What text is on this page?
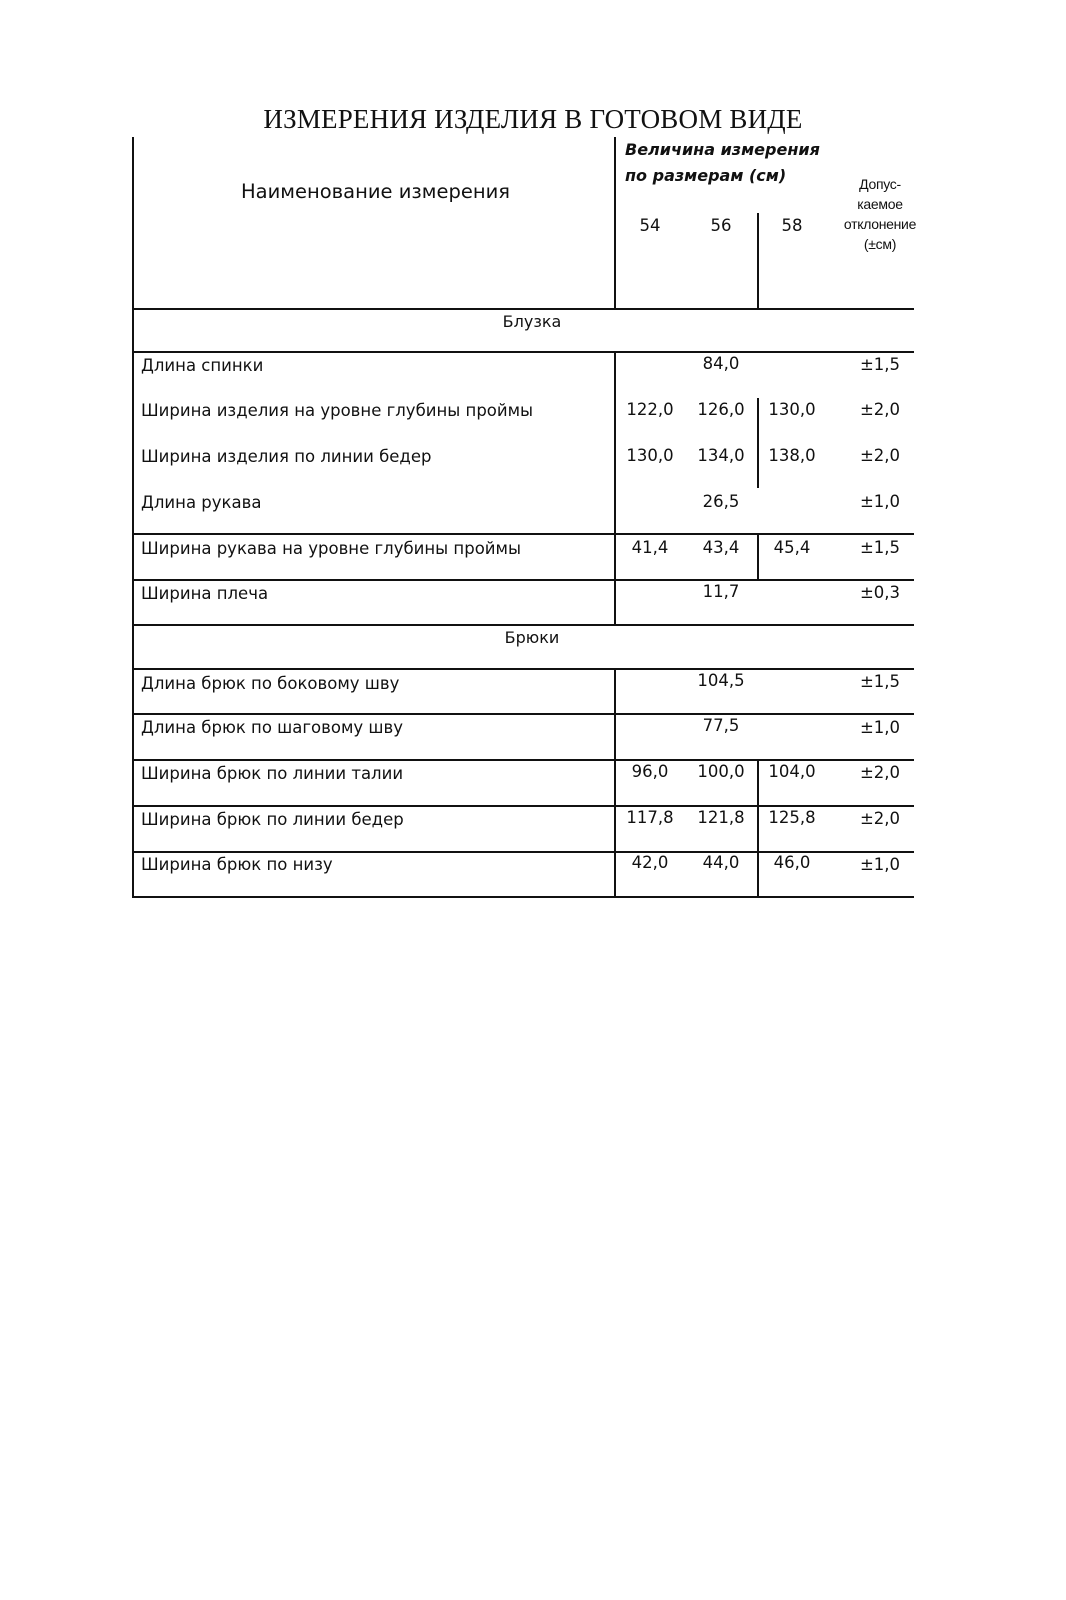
ИЗМЕРЕНИЯ ИЗДЕЛИЯ В ГОТОВОМ ВИДЕ
Наименование измерения
Величина измерения по размерам (см)	Допус-каемое отклонение (±см)
54	56	58
Блузка
Длина спинки	84,0	±1,5
Ширина изделия на уровне глубины проймы	122,0 126,0 130,0	±2,0
Ширина изделия по линии бедер	130,0 134,0 138,0	±2,0
Длина рукава	26,5	±1,0
Ширина рукава на уровне глубины проймы	41,4 43,4 45,4	±1,5
Ширина плеча	11,7	±0,3
Брюки
Длина брюк по боковому шву	104,5	±1,5
Длина брюк по шаговому шву	77,5	±1,0
Ширина брюк по линии талии	96,0 100,0 104,0	±2,0
Ширина брюк по линии бедер	117,8 121,8 125,8	±2,0
Ширина брюк по низу	42,0 44,0 46,0	±1,0
